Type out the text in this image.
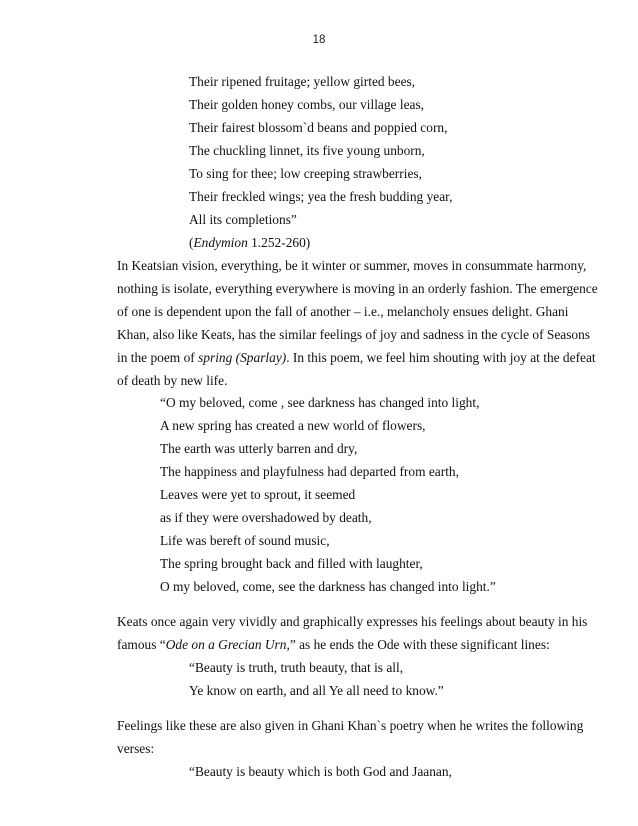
18
Their ripened fruitage; yellow girted bees,
Their golden honey combs, our village leas,
Their fairest blossom`d beans and poppied corn,
The chuckling linnet, its five young unborn,
To sing for thee; low creeping strawberries,
Their freckled wings; yea the fresh budding year,
All its completions”
(Endymion 1.252-260)
In Keatsian vision, everything, be it winter or summer, moves in consummate harmony,
nothing is isolate, everything everywhere is moving in an orderly fashion. The emergence
of one is dependent upon the fall of another – i.e., melancholy ensues delight. Ghani
Khan, also like Keats, has the similar feelings of joy and sadness in the cycle of Seasons
in the poem of spring (Sparlay). In this poem, we feel him shouting with joy at the defeat
of death by new life.
“O my beloved, come , see darkness has changed into light,
A new spring has created a new world of flowers,
The earth was utterly barren and dry,
The happiness and playfulness had departed from earth,
Leaves were yet to sprout, it seemed
as if they were overshadowed by death,
Life was bereft of sound music,
The spring brought back and filled with laughter,
O my beloved, come, see the darkness has changed into light.”
Keats once again very vividly and graphically expresses his feelings about beauty in his
famous “Ode on a Grecian Urn,” as he ends the Ode with these significant lines:
“Beauty is truth, truth beauty, that is all,
Ye know on earth, and all Ye all need to know.”
Feelings like these are also given in Ghani Khan`s poetry when he writes the following
verses:
“Beauty is beauty which is both God and Jaanan,
